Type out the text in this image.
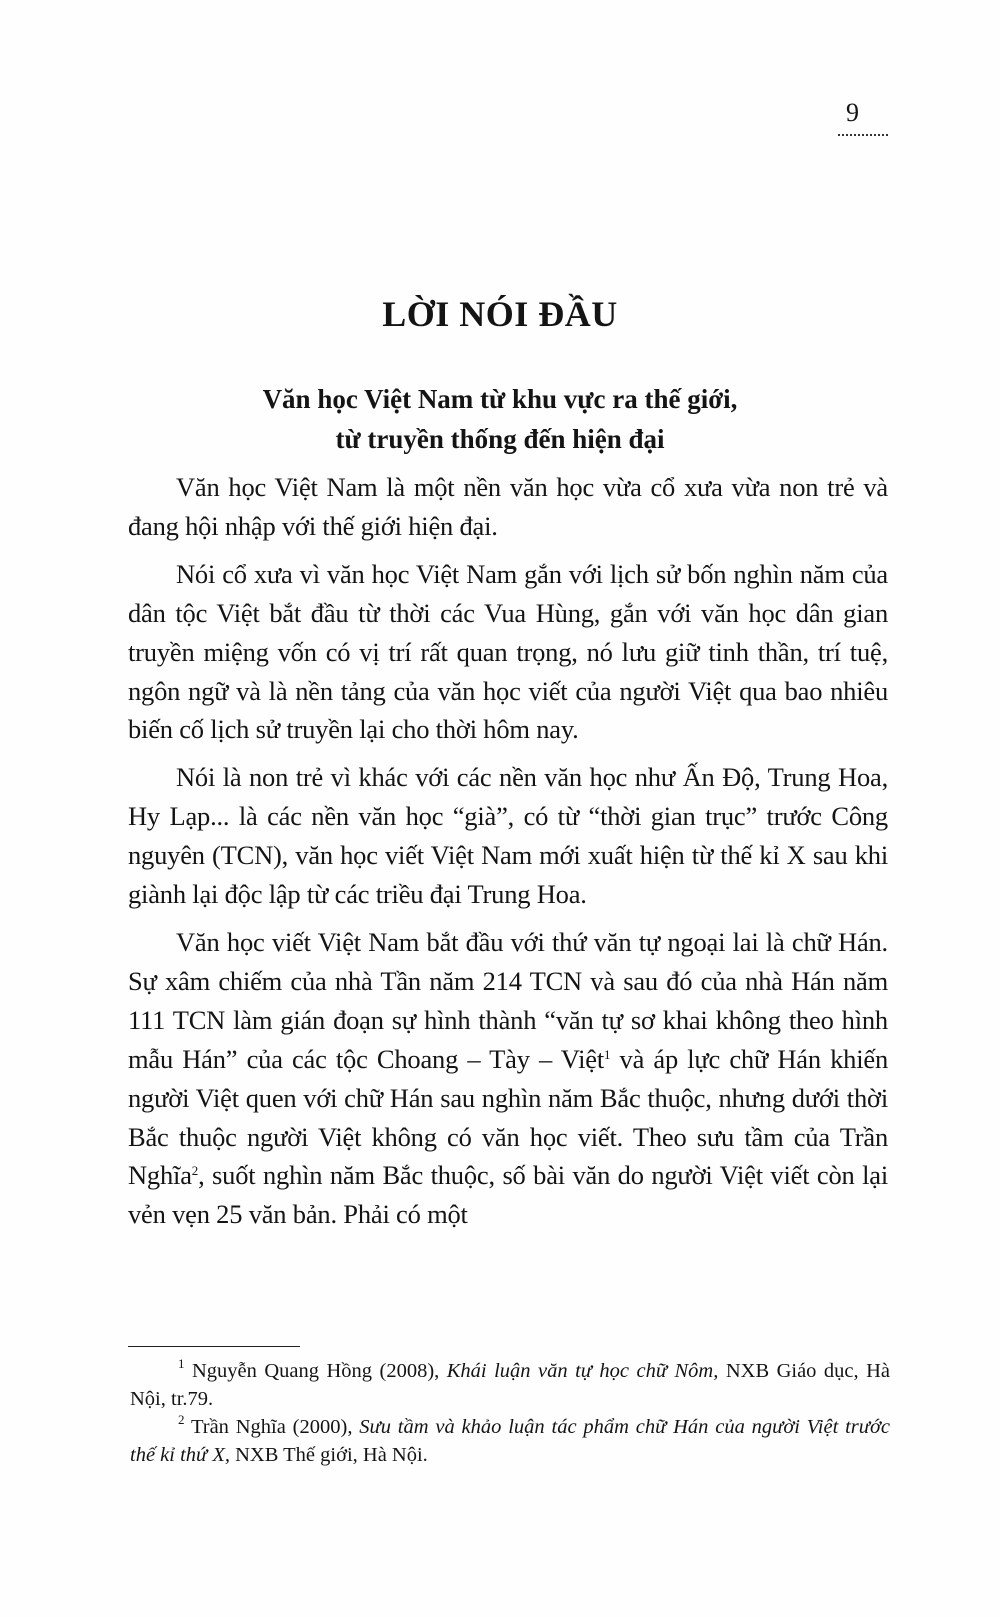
9
LỜI NÓI ĐẦU
Văn học Việt Nam từ khu vực ra thế giới,
từ truyền thống đến hiện đại

Văn học Việt Nam là một nền văn học vừa cổ xưa vừa non trẻ và đang hội nhập với thế giới hiện đại.

Nói cổ xưa vì văn học Việt Nam gắn với lịch sử bốn nghìn năm của dân tộc Việt bắt đầu từ thời các Vua Hùng, gắn với văn học dân gian truyền miệng vốn có vị trí rất quan trọng, nó lưu giữ tinh thần, trí tuệ, ngôn ngữ và là nền tảng của văn học viết của người Việt qua bao nhiêu biến cố lịch sử truyền lại cho thời hôm nay.

Nói là non trẻ vì khác với các nền văn học như Ấn Độ, Trung Hoa, Hy Lạp... là các nền văn học “già”, có từ “thời gian trục” trước Công nguyên (TCN), văn học viết Việt Nam mới xuất hiện từ thế kỉ X sau khi giành lại độc lập từ các triều đại Trung Hoa.

Văn học viết Việt Nam bắt đầu với thứ văn tự ngoại lai là chữ Hán. Sự xâm chiếm của nhà Tần năm 214 TCN và sau đó của nhà Hán năm 111 TCN làm gián đoạn sự hình thành “văn tự sơ khai không theo hình mẫu Hán” của các tộc Choang – Tày – Việt$^1$ và áp lực chữ Hán khiến người Việt quen với chữ Hán sau nghìn năm Bắc thuộc, nhưng dưới thời Bắc thuộc người Việt không có văn học viết. Theo sưu tầm của Trần Nghĩa$^2$, suốt nghìn năm Bắc thuộc, số bài văn do người Việt viết còn lại vẻn vẹn 25 văn bản. Phải có một

$^1$ Nguyễn Quang Hồng (2008), Khái luận văn tự học chữ Nôm, NXB Giáo dục, Hà Nội, tr.79.

$^2$ Trần Nghĩa (2000), Sưu tầm và khảo luận tác phẩm chữ Hán của người Việt trước thế kỉ thứ X, NXB Thế giới, Hà Nội.
